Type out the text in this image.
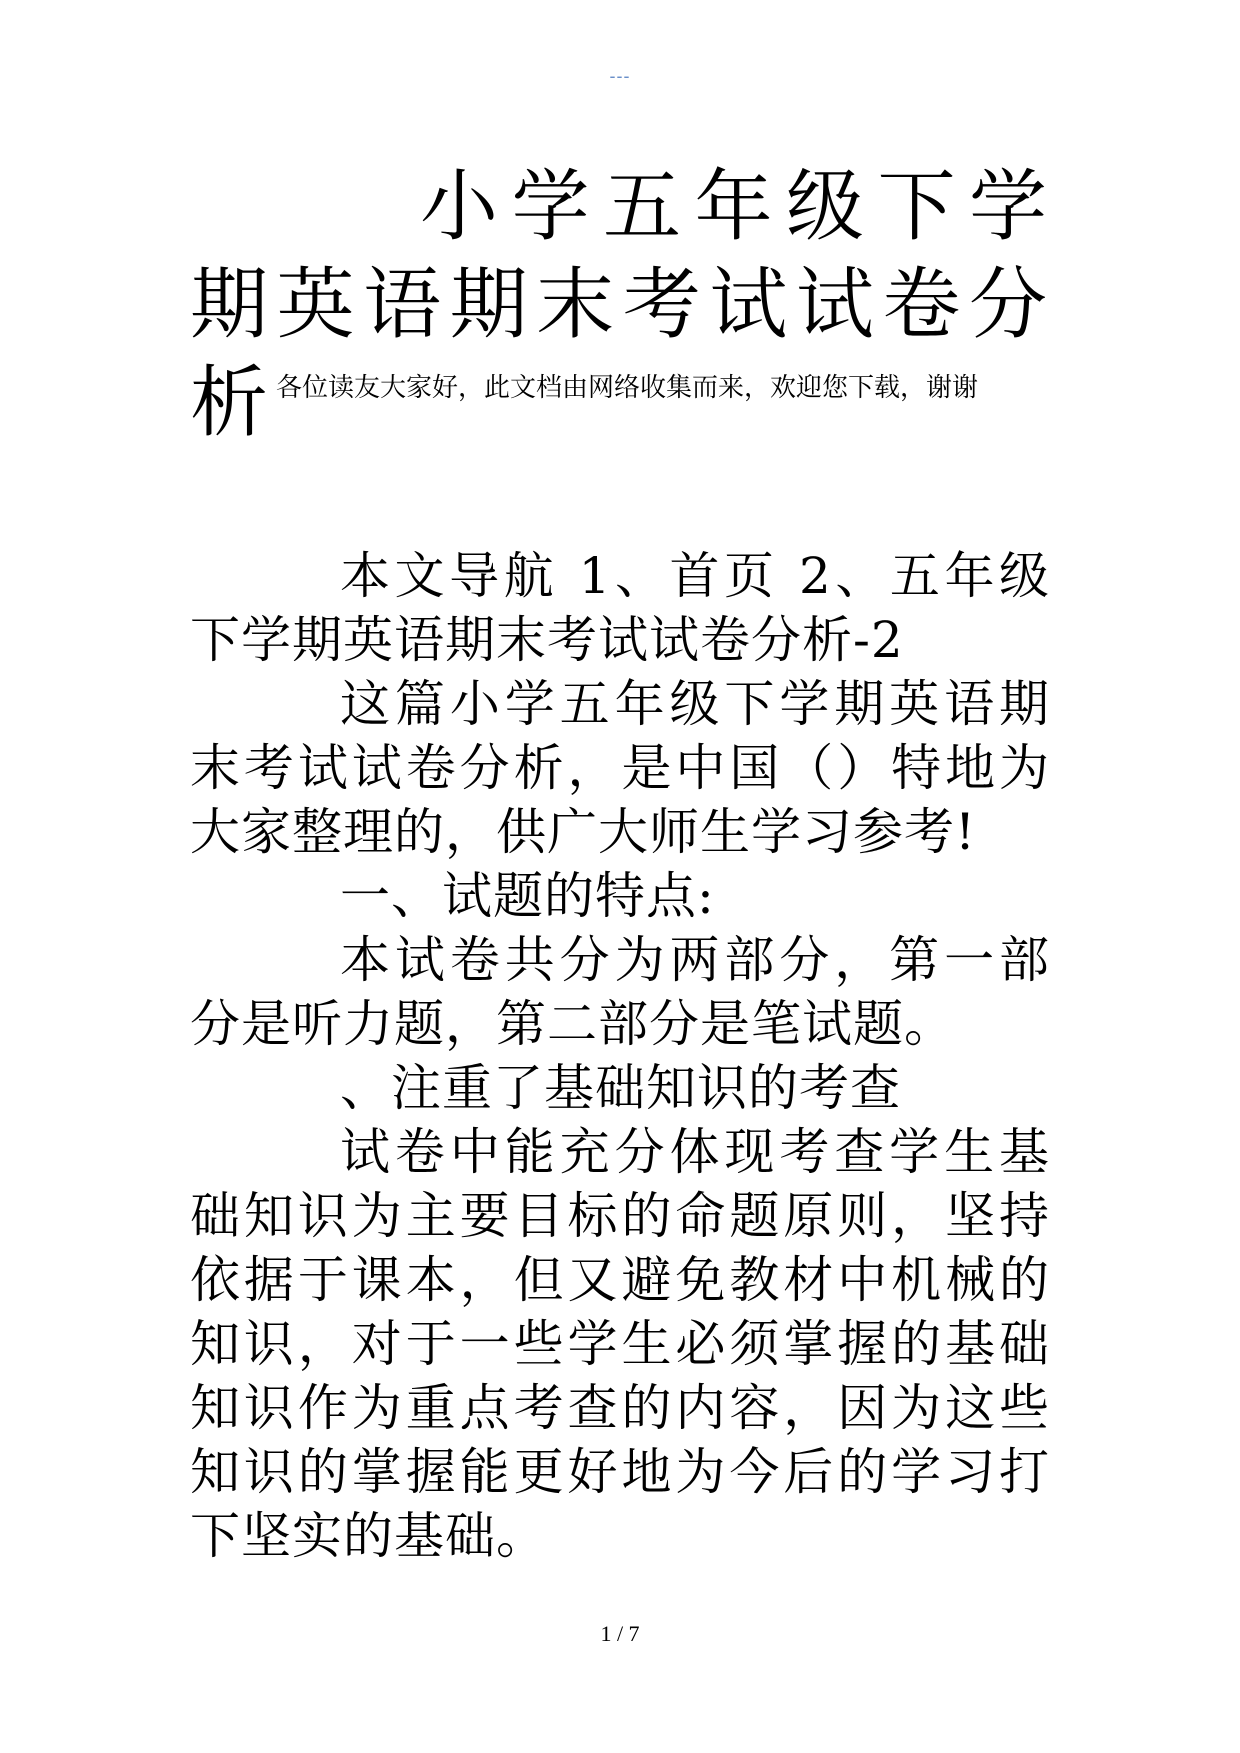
---
小学五年级下学期英语期末考试试卷分析 各位读友大家好，此文档由网络收集而来，欢迎您下载，谢谢

本文导航 1、首页 2、五年级下学期英语期末考试试卷分析-2

这篇小学五年级下学期英语期末考试试卷分析，是中国（）特地为大家整理的，供广大师生学习参考!

一、试题的特点:

本试卷共分为两部分，第一部分是听力题，第二部分是笔试题。

、注重了基础知识的考查

试卷中能充分体现考查学生基础知识为主要目标的命题原则，坚持依据于课本，但又避免教材中机械的知识，对于一些学生必须掌握的基础知识作为重点考查的内容，因为这些知识的掌握能更好地为今后的学习打下坚实的基础。

1 / 7
